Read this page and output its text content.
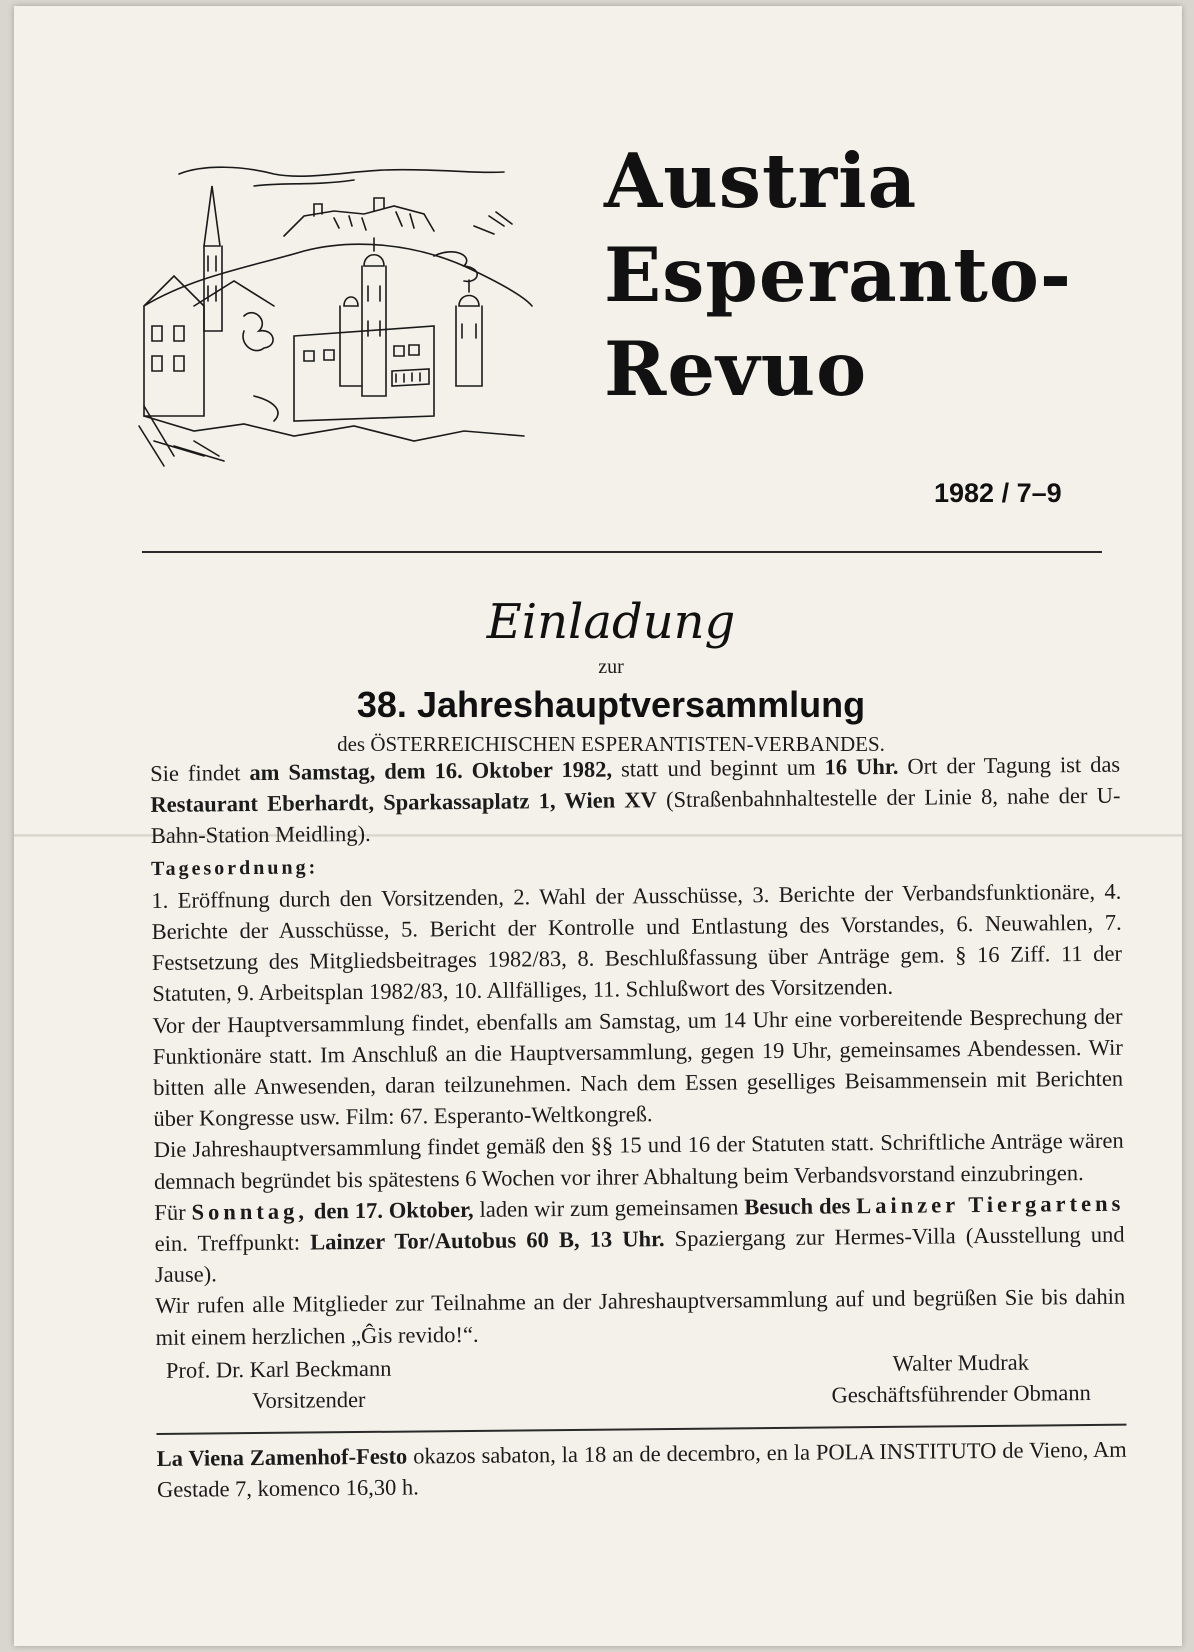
Austria
Esperanto-
Revuo
1982 / 7–9
Einladung
zur
38. Jahreshauptversammlung
des ÖSTERREICHISCHEN ESPERANTISTEN-VERBANDES.

Sie findet am Samstag, dem 16. Oktober 1982, statt und beginnt um 16 Uhr. Ort der Tagung ist das Restaurant Eberhardt, Sparkassaplatz 1, Wien XV (Straßenbahnhaltestelle der Linie 8, nahe der U-Bahn-Station Meidling).

Tagesordnung:

1. Eröffnung durch den Vorsitzenden, 2. Wahl der Ausschüsse, 3. Berichte der Verbandsfunktionäre, 4. Berichte der Ausschüsse, 5. Bericht der Kontrolle und Entlastung des Vorstandes, 6. Neuwahlen, 7. Festsetzung des Mitgliedsbeitrages 1982/83, 8. Beschlußfassung über Anträge gem. § 16 Ziff. 11 der Statuten, 9. Arbeitsplan 1982/83, 10. Allfälliges, 11. Schlußwort des Vorsitzenden.

Vor der Hauptversammlung findet, ebenfalls am Samstag, um 14 Uhr eine vorbereitende Besprechung der Funktionäre statt. Im Anschluß an die Hauptversammlung, gegen 19 Uhr, gemeinsames Abendessen. Wir bitten alle Anwesenden, daran teilzunehmen. Nach dem Essen geselliges Beisammensein mit Berichten über Kongresse usw. Film: 67. Esperanto-Weltkongreß.

Die Jahreshauptversammlung findet gemäß den §§ 15 und 16 der Statuten statt. Schriftliche Anträge wären demnach begründet bis spätestens 6 Wochen vor ihrer Abhaltung beim Verbandsvorstand einzubringen.

Für Sonntag, den 17. Oktober, laden wir zum gemeinsamen Besuch des Lainzer Tiergartens ein. Treffpunkt: Lainzer Tor/Autobus 60 B, 13 Uhr. Spaziergang zur Hermes-Villa (Ausstellung und Jause).

Wir rufen alle Mitglieder zur Teilnahme an der Jahreshauptversammlung auf und begrüßen Sie bis dahin mit einem herzlichen „Ĝis revido!“.

Prof. Dr. Karl Beckmann
Vorsitzender
Walter Mudrak
Geschäftsführender Obmann

La Viena Zamenhof-Festo okazos sabaton, la 18 an de decembro, en la POLA INSTITUTO de Vieno, Am Gestade 7, komenco 16,30 h.
